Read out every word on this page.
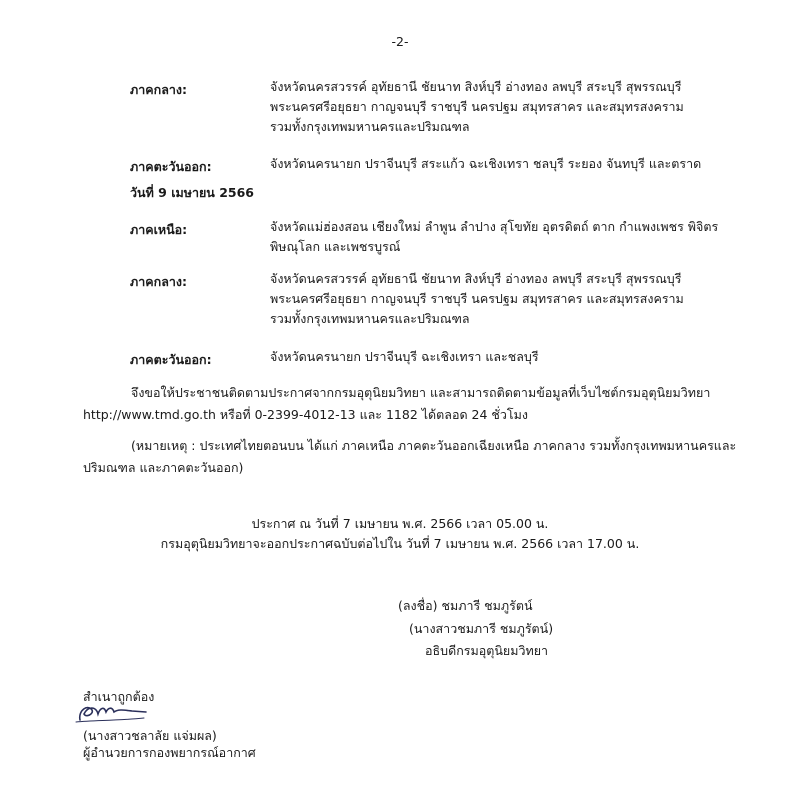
-2-
ภาคกลาง:	จังหวัดนครสวรรค์ อุทัยธานี ชัยนาท สิงห์บุรี อ่างทอง ลพบุรี สระบุรี สุพรรณบุรี
พระนครศรีอยุธยา กาญจนบุรี ราชบุรี นครปฐม สมุทรสาคร และสมุทรสงคราม
รวมทั้งกรุงเทพมหานครและปริมณฑล
ภาคตะวันออก:	จังหวัดนครนายก ปราจีนบุรี สระแก้ว ฉะเชิงเทรา ชลบุรี ระยอง จันทบุรี และตราด
วันที่ 9 เมษายน 2566
ภาคเหนือ:	จังหวัดแม่ฮ่องสอน เชียงใหม่ ลำพูน ลำปาง สุโขทัย อุตรดิตถ์ ตาก กำแพงเพชร พิจิตร
พิษณุโลก และเพชรบูรณ์
ภาคกลาง:	จังหวัดนครสวรรค์ อุทัยธานี ชัยนาท สิงห์บุรี อ่างทอง ลพบุรี สระบุรี สุพรรณบุรี
พระนครศรีอยุธยา กาญจนบุรี ราชบุรี นครปฐม สมุทรสาคร และสมุทรสงคราม
รวมทั้งกรุงเทพมหานครและปริมณฑล
ภาคตะวันออก:	จังหวัดนครนายก ปราจีนบุรี ฉะเชิงเทรา และชลบุรี
จึงขอให้ประชาชนติดตามประกาศจากกรมอุตุนิยมวิทยา และสามารถติดตามข้อมูลที่เว็บไซต์กรมอุตุนิยมวิทยา
http://www.tmd.go.th หรือที่ 0-2399-4012-13 และ 1182 ได้ตลอด 24 ชั่วโมง
(หมายเหตุ : ประเทศไทยตอนบน ได้แก่ ภาคเหนือ ภาคตะวันออกเฉียงเหนือ ภาคกลาง รวมทั้งกรุงเทพมหานครและ
ปริมณฑล และภาคตะวันออก)
ประกาศ ณ วันที่ 7 เมษายน พ.ศ. 2566 เวลา 05.00 น.
กรมอุตุนิยมวิทยาจะออกประกาศฉบับต่อไปใน วันที่ 7 เมษายน พ.ศ. 2566 เวลา 17.00 น.
(ลงชื่อ) ชมภารี ชมภูรัตน์
(นางสาวชมภารี ชมภูรัตน์)
อธิบดีกรมอุตุนิยมวิทยา
สำเนาถูกต้อง
(นางสาวชลาลัย แจ่มผล)
ผู้อำนวยการกองพยากรณ์อากาศ
